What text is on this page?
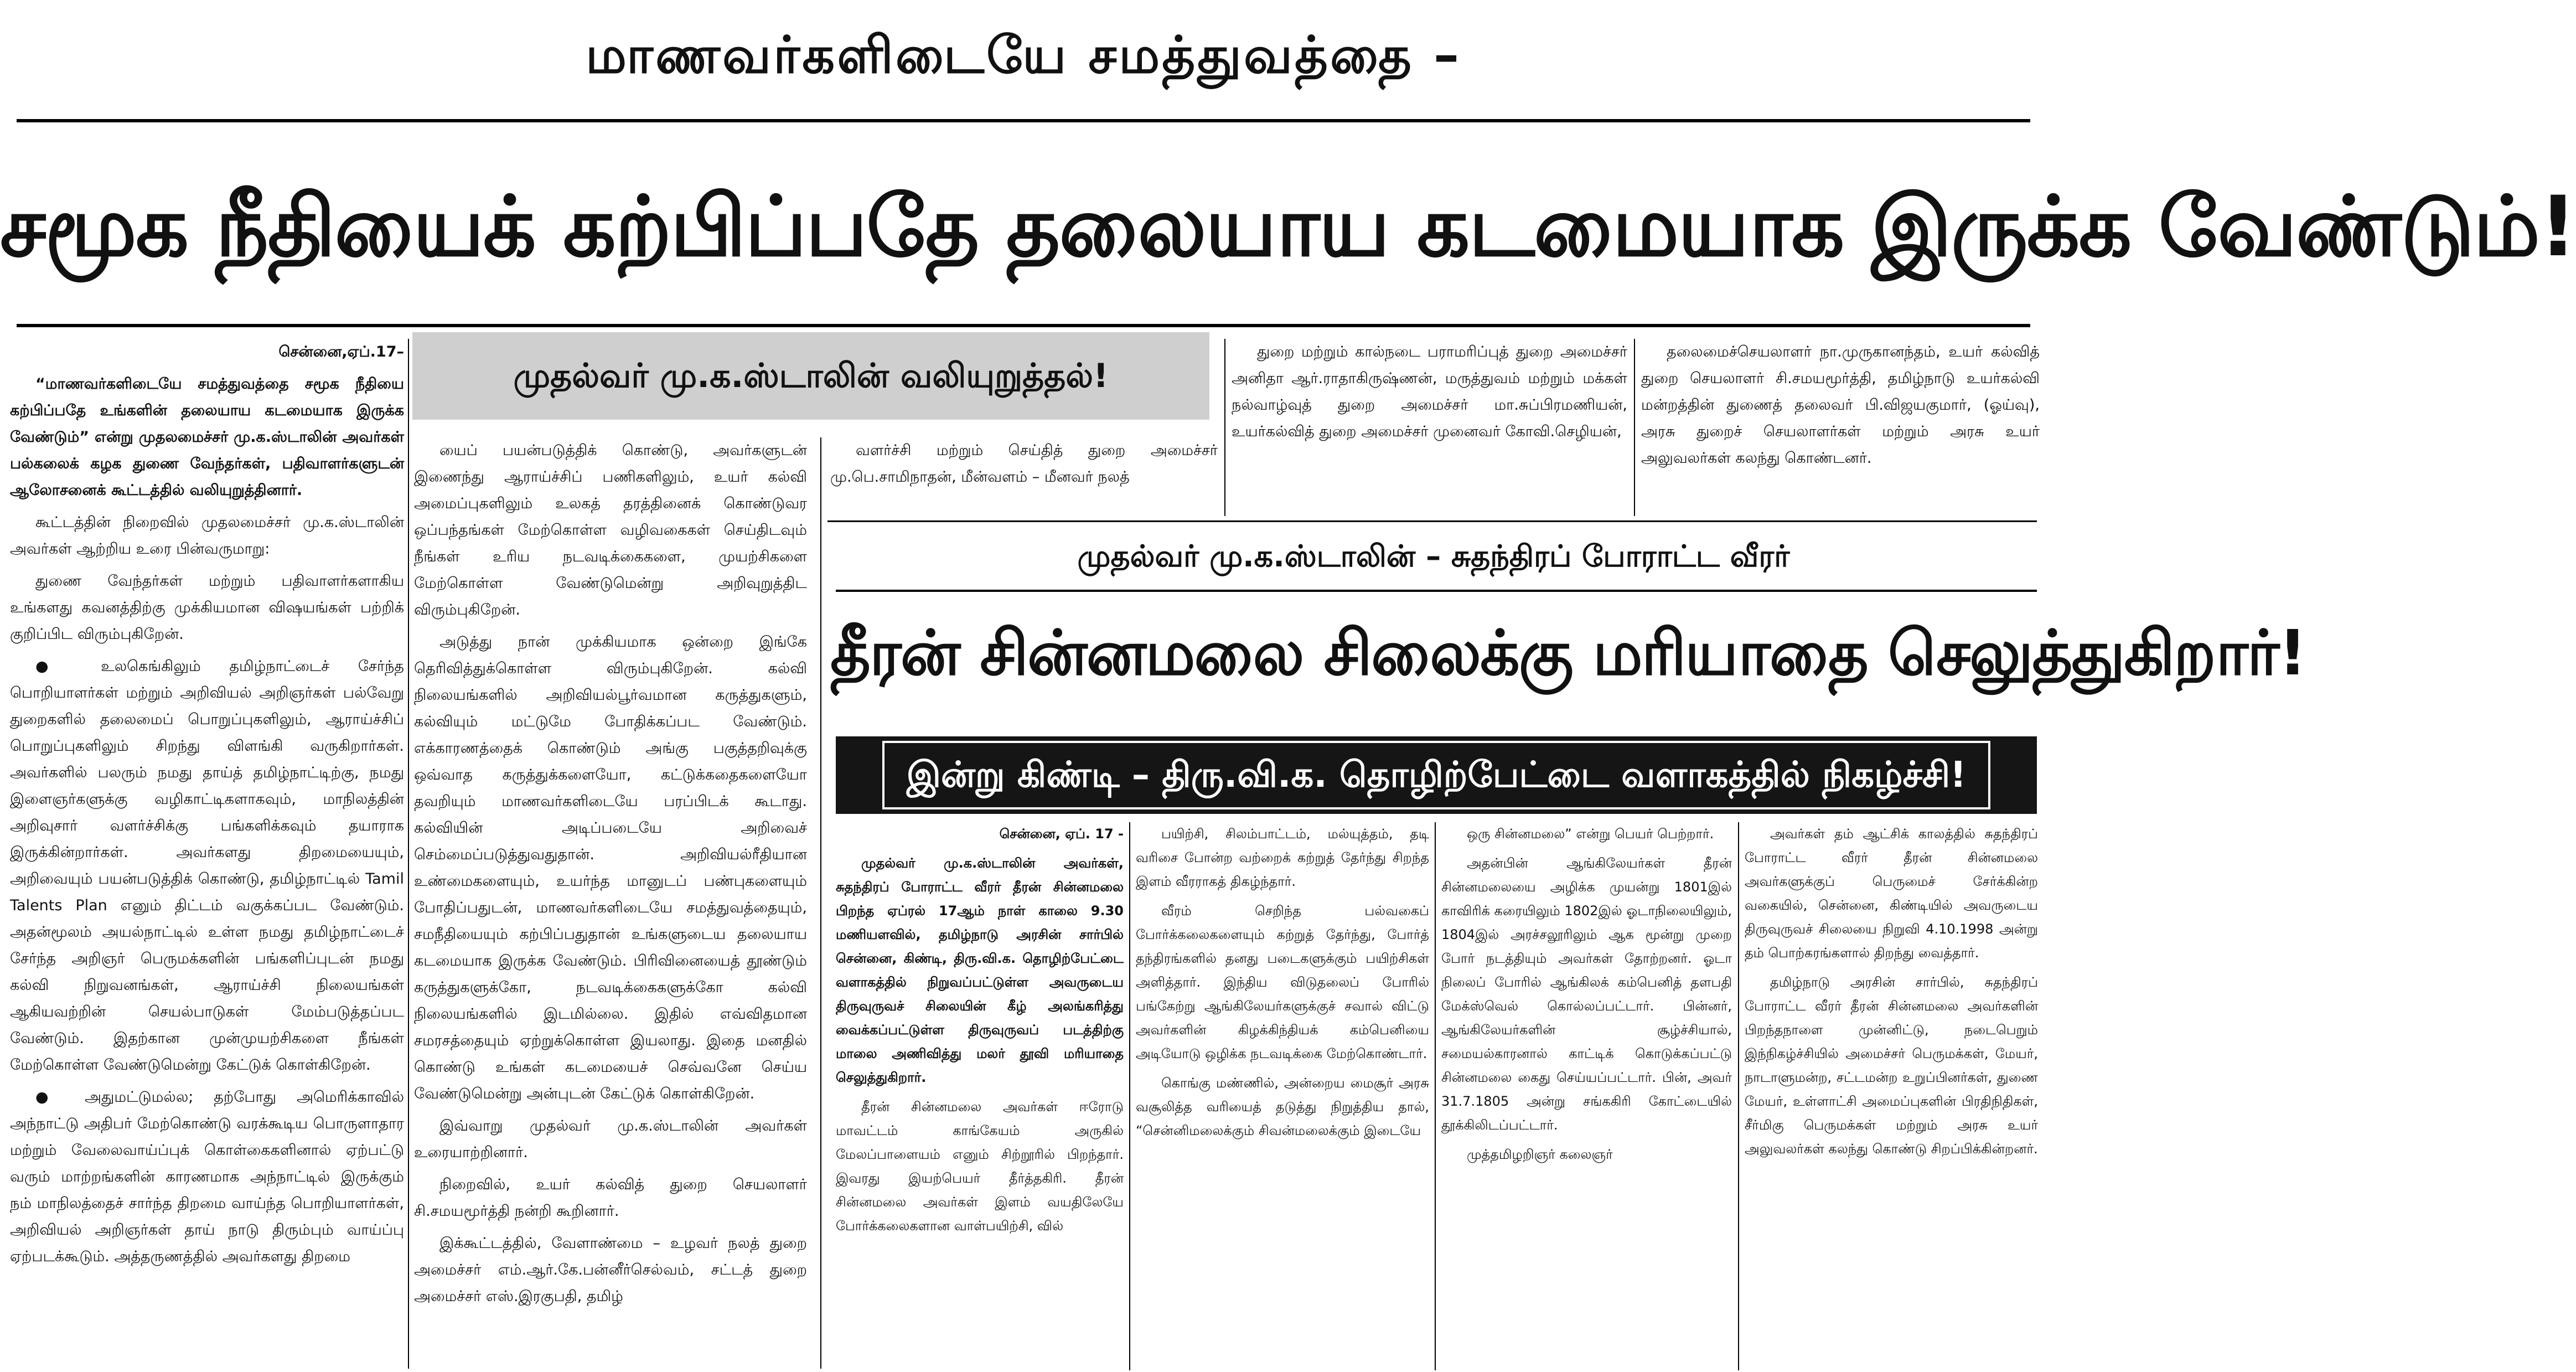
மாணவர்களிடையே சமத்துவத்தை –
சமூக நீதியைக் கற்பிப்பதே தலையாய கடமையாக இருக்க வேண்டும்!

சென்னை,ஏப்.17–

“மாணவர்களிடையே சமத்துவத்தை சமூக நீதியை கற்பிப்பதே உங்களின் தலையாய கடமையாக இருக்க வேண்டும்” என்று முதலமைச்சர் மு.க.ஸ்டாலின் அவர்கள் பல்கலைக் கழக துணை வேந்தர்கள், பதிவாளர்களுடன் ஆலோசனைக் கூட்டத்தில் வலியுறுத்தினார்.

கூட்டத்தின் நிறைவில் முதலமைச்சர் மு.க.ஸ்டாலின் அவர்கள் ஆற்றிய உரை பின்வருமாறு:

துணை வேந்தர்கள் மற்றும் பதிவாளர்களாகிய உங்களது கவனத்திற்கு முக்கியமான விஷயங்கள் பற்றிக் குறிப்பிட விரும்புகிறேன்.

● உலகெங்கிலும் தமிழ்நாட்டைச் சேர்ந்த பொறியாளர்கள் மற்றும் அறிவியல் அறிஞர்கள் பல்வேறு துறைகளில் தலைமைப் பொறுப்புகளிலும், ஆராய்ச்சிப் பொறுப்புகளிலும் சிறந்து விளங்கி வருகிறார்கள். அவர்களில் பலரும் நமது தாய்த் தமிழ்நாட்டிற்கு, நமது இளைஞர்களுக்கு வழிகாட்டிகளாகவும், மாநிலத்தின் அறிவுசார் வளர்ச்சிக்கு பங்களிக்கவும் தயாராக இருக்கின்றார்கள். அவர்களது திறமையையும், அறிவையும் பயன்படுத்திக் கொண்டு, தமிழ்நாட்டில் Tamil Talents Plan எனும் திட்டம் வகுக்கப்பட வேண்டும். அதன்மூலம் அயல்நாட்டில் உள்ள நமது தமிழ்நாட்டைச் சேர்ந்த அறிஞர் பெருமக்களின் பங்களிப்புடன் நமது கல்வி நிறுவனங்கள், ஆராய்ச்சி நிலையங்கள் ஆகியவற்றின் செயல்பாடுகள் மேம்படுத்தப்பட வேண்டும். இதற்கான முன்முயற்சிகளை நீங்கள் மேற்கொள்ள வேண்டுமென்று கேட்டுக் கொள்கிறேன்.

● அதுமட்டுமல்ல; தற்போது அமெரிக்காவில் அந்நாட்டு அதிபர் மேற்கொண்டு வரக்கூடிய பொருளாதார மற்றும் வேலைவாய்ப்புக் கொள்கைகளினால் ஏற்பட்டு வரும் மாற்றங்களின் காரணமாக அந்நாட்டில் இருக்கும் நம் மாநிலத்தைச் சார்ந்த திறமை வாய்ந்த பொறியாளர்கள், அறிவியல் அறிஞர்கள் தாய் நாடு திரும்பும் வாய்ப்பு ஏற்படக்கூடும். அத்தருணத்தில் அவர்களது திறமை

முதல்வர் மு.க.ஸ்டாலின் வலியுறுத்தல்!

யைப் பயன்படுத்திக் கொண்டு, அவர்களுடன் இணைந்து ஆராய்ச்சிப் பணிகளிலும், உயர் கல்வி அமைப்புகளிலும் உலகத் தரத்தினைக் கொண்டுவர ஒப்பந்தங்கள் மேற்கொள்ள வழிவகைகள் செய்திடவும் நீங்கள் உரிய நடவடிக்கைகளை, முயற்சிகளை மேற்கொள்ள வேண்டுமென்று அறிவுறுத்திட விரும்புகிறேன்.

அடுத்து நான் முக்கியமாக ஒன்றை இங்கே தெரிவித்துக்கொள்ள விரும்புகிறேன். கல்வி நிலையங்களில் அறிவியல்பூர்வமான கருத்துகளும், கல்வியும் மட்டுமே போதிக்கப்பட வேண்டும். எக்காரணத்தைக் கொண்டும் அங்கு பகுத்தறிவுக்கு ஒவ்வாத கருத்துக்களையோ, கட்டுக்கதைகளையோ தவறியும் மாணவர்களிடையே பரப்பிடக் கூடாது. கல்வியின் அடிப்படையே அறிவைச் செம்மைப்படுத்துவதுதான். அறிவியல்ரீதியான உண்மைகளையும், உயர்ந்த மானுடப் பண்புகளையும் போதிப்பதுடன், மாணவர்களிடையே சமத்துவத்தையும், சமநீதியையும் கற்பிப்பதுதான் உங்களுடைய தலையாய கடமையாக இருக்க வேண்டும். பிரிவினையைத் தூண்டும் கருத்துகளுக்கோ, நடவடிக்கைகளுக்கோ கல்வி நிலையங்களில் இடமில்லை. இதில் எவ்விதமான சமரசத்தையும் ஏற்றுக்கொள்ள இயலாது. இதை மனதில் கொண்டு உங்கள் கடமையைச் செவ்வனே செய்ய வேண்டுமென்று அன்புடன் கேட்டுக் கொள்கிறேன்.

இவ்வாறு முதல்வர் மு.க.ஸ்டாலின் அவர்கள் உரையாற்றினார்.

நிறைவில், உயர் கல்வித் துறை செயலாளர் சி.சமயமூர்த்தி நன்றி கூறினார்.

இக்கூட்டத்தில், வேளாண்மை – உழவர் நலத் துறை அமைச்சர் எம்.ஆர்.கே.பன்னீர்செல்வம், சட்டத் துறை அமைச்சர் எஸ்.இரகுபதி, தமிழ்

வளர்ச்சி மற்றும் செய்தித் துறை அமைச்சர் மு.பெ.சாமிநாதன், மீன்வளம் – மீனவர் நலத்

துறை மற்றும் கால்நடை பராமரிப்புத் துறை அமைச்சர் அனிதா ஆர்.ராதாகிருஷ்ணன், மருத்துவம் மற்றும் மக்கள் நல்வாழ்வுத் துறை அமைச்சர் மா.சுப்பிரமணியன், உயர்கல்வித் துறை அமைச்சர் முனைவர் கோவி.செழியன்,

தலைமைச்செயலாளர் நா.முருகானந்தம், உயர் கல்வித் துறை செயலாளர் சி.சமயமூர்த்தி, தமிழ்நாடு உயர்கல்வி மன்றத்தின் துணைத் தலைவர் பி.விஜயகுமார், (ஓய்வு), அரசு துறைச் செயலாளர்கள் மற்றும் அரசு உயர் அலுவலர்கள் கலந்து கொண்டனர்.

முதல்வர் மு.க.ஸ்டாலின் – சுதந்திரப் போராட்ட வீரர்
தீரன் சின்னமலை சிலைக்கு மரியாதை செலுத்துகிறார்!
இன்று கிண்டி – திரு.வி.க. தொழிற்பேட்டை வளாகத்தில் நிகழ்ச்சி!

சென்னை, ஏப். 17 -

முதல்வர் மு.க.ஸ்டாலின் அவர்கள், சுதந்திரப் போராட்ட வீரர் தீரன் சின்னமலை பிறந்த ஏப்ரல் 17ஆம் நாள் காலை 9.30 மணியளவில், தமிழ்நாடு அரசின் சார்பில் சென்னை, கிண்டி, திரு.வி.க. தொழிற்பேட்டை வளாகத்தில் நிறுவப்பட்டுள்ள அவருடைய திருவுருவச் சிலையின் கீழ் அலங்கரித்து வைக்கப்பட்டுள்ள திருவுருவப் படத்திற்கு மாலை அணிவித்து மலர் தூவி மரியாதை செலுத்துகிறார்.

தீரன் சின்னமலை அவர்கள் ஈரோடு மாவட்டம் காங்கேயம் அருகில் மேலப்பாளையம் எனும் சிற்றூரில் பிறந்தார். இவரது இயற்பெயர் தீர்த்தகிரி. தீரன் சின்னமலை அவர்கள் இளம் வயதிலேயே போர்க்கலைகளான வாள்பயிற்சி, வில்

பயிற்சி, சிலம்பாட்டம், மல்யுத்தம், தடி வரிசை போன்ற வற்றைக் கற்றுத் தேர்ந்து சிறந்த இளம் வீரராகத் திகழ்ந்தார்.

வீரம் செறிந்த பல்வகைப் போர்க்கலைகளையும் கற்றுத் தேர்ந்து, போர்த் தந்திரங்களில் தனது படைகளுக்கும் பயிற்சிகள் அளித்தார். இந்திய விடுதலைப் போரில் பங்கேற்று ஆங்கிலேயர்களுக்குச் சவால் விட்டு அவர்களின் கிழக்கிந்தியக் கம்பெனியை அடியோடு ஒழிக்க நடவடிக்கை மேற்கொண்டார்.

கொங்கு மண்ணில், அன்றைய மைசூர் அரசு வசூலித்த வரியைத் தடுத்து நிறுத்திய தால், “சென்னிமலைக்கும் சிவன்மலைக்கும் இடையே

ஒரு சின்னமலை” என்று பெயர் பெற்றார்.

அதன்பின் ஆங்கிலேயர்கள் தீரன் சின்னமலையை அழிக்க முயன்று 1801இல் காவிரிக் கரையிலும் 1802இல் ஓடாநிலையிலும், 1804இல் அரச்சலூரிலும் ஆக மூன்று முறை போர் நடத்தியும் அவர்கள் தோற்றனர். ஓடா நிலைப் போரில் ஆங்கிலக் கம்பெனித் தளபதி மேக்ஸ்வெல் கொல்லப்பட்டார். பின்னர், ஆங்கிலேயர்களின் சூழ்ச்சியால், சமையல்காரனால் காட்டிக் கொடுக்கப்பட்டு சின்னமலை கைது செய்யப்பட்டார். பின், அவர் 31.7.1805 அன்று சங்ககிரி கோட்டையில் தூக்கிலிடப்பட்டார்.

முத்தமிழறிஞர் கலைஞர்

அவர்கள் தம் ஆட்சிக் காலத்தில் சுதந்திரப் போராட்ட வீரர் தீரன் சின்னமலை அவர்களுக்குப் பெருமைச் சேர்க்கின்ற வகையில், சென்னை, கிண்டியில் அவருடைய திருவுருவச் சிலையை நிறுவி 4.10.1998 அன்று தம் பொற்கரங்களால் திறந்து வைத்தார்.

தமிழ்நாடு அரசின் சார்பில், சுதந்திரப் போராட்ட வீரர் தீரன் சின்னமலை அவர்களின் பிறந்தநாளை முன்னிட்டு, நடைபெறும் இந்நிகழ்ச்சியில் அமைச்சர் பெருமக்கள், மேயர், நாடாளுமன்ற, சட்டமன்ற உறுப்பினர்கள், துணை மேயர், உள்ளாட்சி அமைப்புகளின் பிரதிநிதிகள், சீர்மிகு பெருமக்கள் மற்றும் அரசு உயர் அலுவலர்கள் கலந்து கொண்டு சிறப்பிக்கின்றனர்.
